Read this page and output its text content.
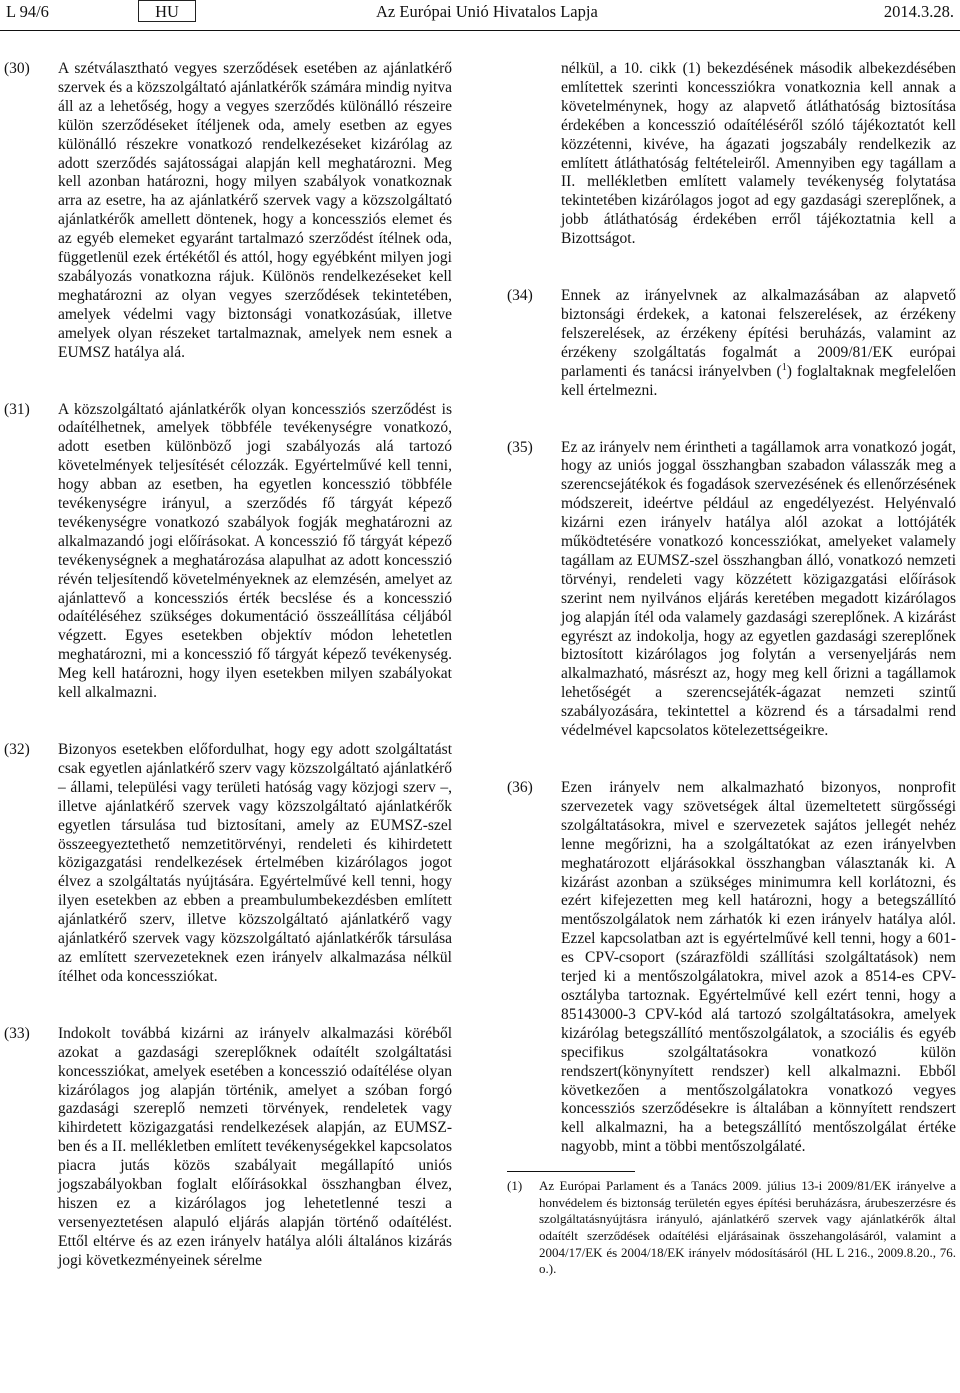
L 94/6	HU	Az Európai Unió Hivatalos Lapja	2014.3.28.
(30) A szétválasztható vegyes szerződések esetében az ajánlatkérő szervek és a közszolgáltató ajánlatkérők számára mindig nyitva áll az a lehetőség, hogy a vegyes szerződés különálló részeire külön szerződéseket ítéljenek oda, amely esetben az egyes különálló részekre vonatkozó rendelkezéseket kizárólag az adott szerződés sajátosságai alapján kell meghatározni. Meg kell azonban határozni, hogy milyen szabályok vonatkoznak arra az esetre, ha az ajánlatkérő szervek vagy a közszolgáltató ajánlatkérők amellett döntenek, hogy a koncessziós elemet és az egyéb elemeket egyaránt tartalmazó szerződést ítélnek oda, függetlenül ezek értékétől és attól, hogy egyébként milyen jogi szabályozás vonatkozna rájuk. Különös rendelkezéseket kell meghatározni az olyan vegyes szerződések tekintetében, amelyek védelmi vagy biztonsági vonatkozásúak, illetve amelyek olyan részeket tartalmaznak, amelyek nem esnek a EUMSZ hatálya alá.
(31) A közszolgáltató ajánlatkérők olyan koncessziós szerződést is odaítélhetnek, amelyek többféle tevékenységre vonatkozó, adott esetben különböző jogi szabályozás alá tartozó követelmények teljesítését célozzák. Egyértelművé kell tenni, hogy abban az esetben, ha egyetlen koncesszió többféle tevékenységre irányul, a szerződés fő tárgyát képező tevékenységre vonatkozó szabályok fogják meghatározni az alkalmazandó jogi előírásokat. A koncesszió fő tárgyát képező tevékenységnek a meghatározása alapulhat az adott koncesszió révén teljesítendő követelményeknek az elemzésén, amelyet az ajánlattevő a koncessziós érték becslése és a koncesszió odaítéléséhez szükséges dokumentáció összeállítása céljából végzett. Egyes esetekben objektív módon lehetetlen meghatározni, mi a koncesszió fő tárgyát képező tevékenység. Meg kell határozni, hogy ilyen esetekben milyen szabályokat kell alkalmazni.
(32) Bizonyos esetekben előfordulhat, hogy egy adott szolgáltatást csak egyetlen ajánlatkérő szerv vagy közszolgáltató ajánlatkérő – állami, települési vagy területi hatóság vagy közjogi szerv –, illetve ajánlatkérő szervek vagy közszolgáltató ajánlatkérők egyetlen társulása tud biztosítani, amely az EUMSZ-szel összeegyeztethető nemzetitörvényi, rendeleti és kihirdetett közigazgatási rendelkezések értelmében kizárólagos jogot élvez a szolgáltatás nyújtására. Egyértelművé kell tenni, hogy ilyen esetekben az ebben a preambulumbekezdésben említett ajánlatkérő szerv, illetve közszolgáltató ajánlatkérő vagy ajánlatkérő szervek vagy közszolgáltató ajánlatkérők társulása az említett szervezeteknek ezen irányelv alkalmazása nélkül ítélhet oda koncessziókat.
(33) Indokolt továbbá kizárni az irányelv alkalmazási köréből azokat a gazdasági szereplőknek odaítélt szolgáltatási koncessziókat, amelyek esetében a koncesszió odaítélése olyan kizárólagos jog alapján történik, amelyet a szóban forgó gazdasági szereplő nemzeti törvények, rendeletek vagy kihirdetett közigazgatási rendelkezések alapján, az EUMSZ-ben és a II. mellékletben említett tevékenységekkel kapcsolatos piacra jutás közös szabályait megállapító uniós jogszabályokban foglalt előírásokkal összhangban élvez, hiszen ez a kizárólagos jog lehetetlenné teszi a versenyeztetésen alapuló eljárás alapján történő odaítélést. Ettől eltérve és az ezen irányelv hatálya alóli általános kizárás jogi következményeinek sérelme
nélkül, a 10. cikk (1) bekezdésének második albekezdésében említettek szerinti koncessziókra vonatkoznia kell annak a követelménynek, hogy az alapvető átláthatóság biztosítása érdekében a koncesszió odaítéléséről szóló tájékoztatót kell közzétenni, kivéve, ha ágazati jogszabály rendelkezik az említett átláthatóság feltételeiről. Amennyiben egy tagállam a II. mellékletben említett valamely tevékenység folytatása tekintetében kizárólagos jogot ad egy gazdasági szereplőnek, a jobb átláthatóság érdekében erről tájékoztatnia kell a Bizottságot.
(34) Ennek az irányelvnek az alkalmazásában az alapvető biztonsági érdekek, a katonai felszerelések, az érzékeny felszerelések, az érzékeny építési beruházás, valamint az érzékeny szolgáltatás fogalmát a 2009/81/EK európai parlamenti és tanácsi irányelvben ($^1$) foglaltaknak megfelelően kell értelmezni.
(35) Ez az irányelv nem érintheti a tagállamok arra vonatkozó jogát, hogy az uniós joggal összhangban szabadon válasszák meg a szerencsejátékok és fogadások szervezésének és ellenőrzésének módszereit, ideértve például az engedélyezést. Helyénvaló kizárni ezen irányelv hatálya alól azokat a lottójáték működtetésére vonatkozó koncessziókat, amelyeket valamely tagállam az EUMSZ-szel összhangban álló, vonatkozó nemzeti törvényi, rendeleti vagy közzétett közigazgatási előírások szerint nem nyilvános eljárás keretében megadott kizárólagos jog alapján ítél oda valamely gazdasági szereplőnek. A kizárást egyrészt az indokolja, hogy az egyetlen gazdasági szereplőnek biztosított kizárólagos jog folytán a versenyeljárás nem alkalmazható, másrészt az, hogy meg kell őrizni a tagállamok lehetőségét a szerencsejáték-ágazat nemzeti szintű szabályozására, tekintettel a közrend és a társadalmi rend védelmével kapcsolatos kötelezettségeikre.
(36) Ezen irányelv nem alkalmazható bizonyos, nonprofit szervezetek vagy szövetségek által üzemeltetett sürgősségi szolgáltatásokra, mivel e szervezetek sajátos jellegét nehéz lenne megőrizni, ha a szolgáltatókat az ezen irányelvben meghatározott eljárásokkal összhangban választanák ki. A kizárást azonban a szükséges minimumra kell korlátozni, és ezért kifejezetten meg kell határozni, hogy a betegszállító mentőszolgálatok nem zárhatók ki ezen irányelv hatálya alól. Ezzel kapcsolatban azt is egyértelművé kell tenni, hogy a 601-es CPV-csoport (szárazföldi szállítási szolgáltatások) nem terjed ki a mentőszolgálatokra, mivel azok a 8514-es CPV-osztályba tartoznak. Egyértelművé kell ezért tenni, hogy a 85143000-3 CPV-kód alá tartozó szolgáltatásokra, amelyek kizárólag betegszállító mentőszolgálatok, a szociális és egyéb specifikus szolgáltatásokra vonatkozó külön rendszert(könynyített rendszer) kell alkalmazni. Ebből következően a mentőszolgálatokra vonatkozó vegyes koncessziós szerződésekre is általában a könnyített rendszert kell alkalmazni, ha a betegszállító mentőszolgálat értéke nagyobb, mint a többi mentőszolgálaté.
(1) Az Európai Parlament és a Tanács 2009. július 13-i 2009/81/EK irányelve a honvédelem és biztonság területén egyes építési beruházásra, árubeszerzésre és szolgáltatásnyújtásra irányuló, ajánlatkérő szervek vagy ajánlatkérők által odaítélt szerződések odaítélési eljárásainak összehangolásáról, valamint a 2004/17/EK és 2004/18/EK irányelv módosításáról (HL L 216., 2009.8.20., 76. o.).
